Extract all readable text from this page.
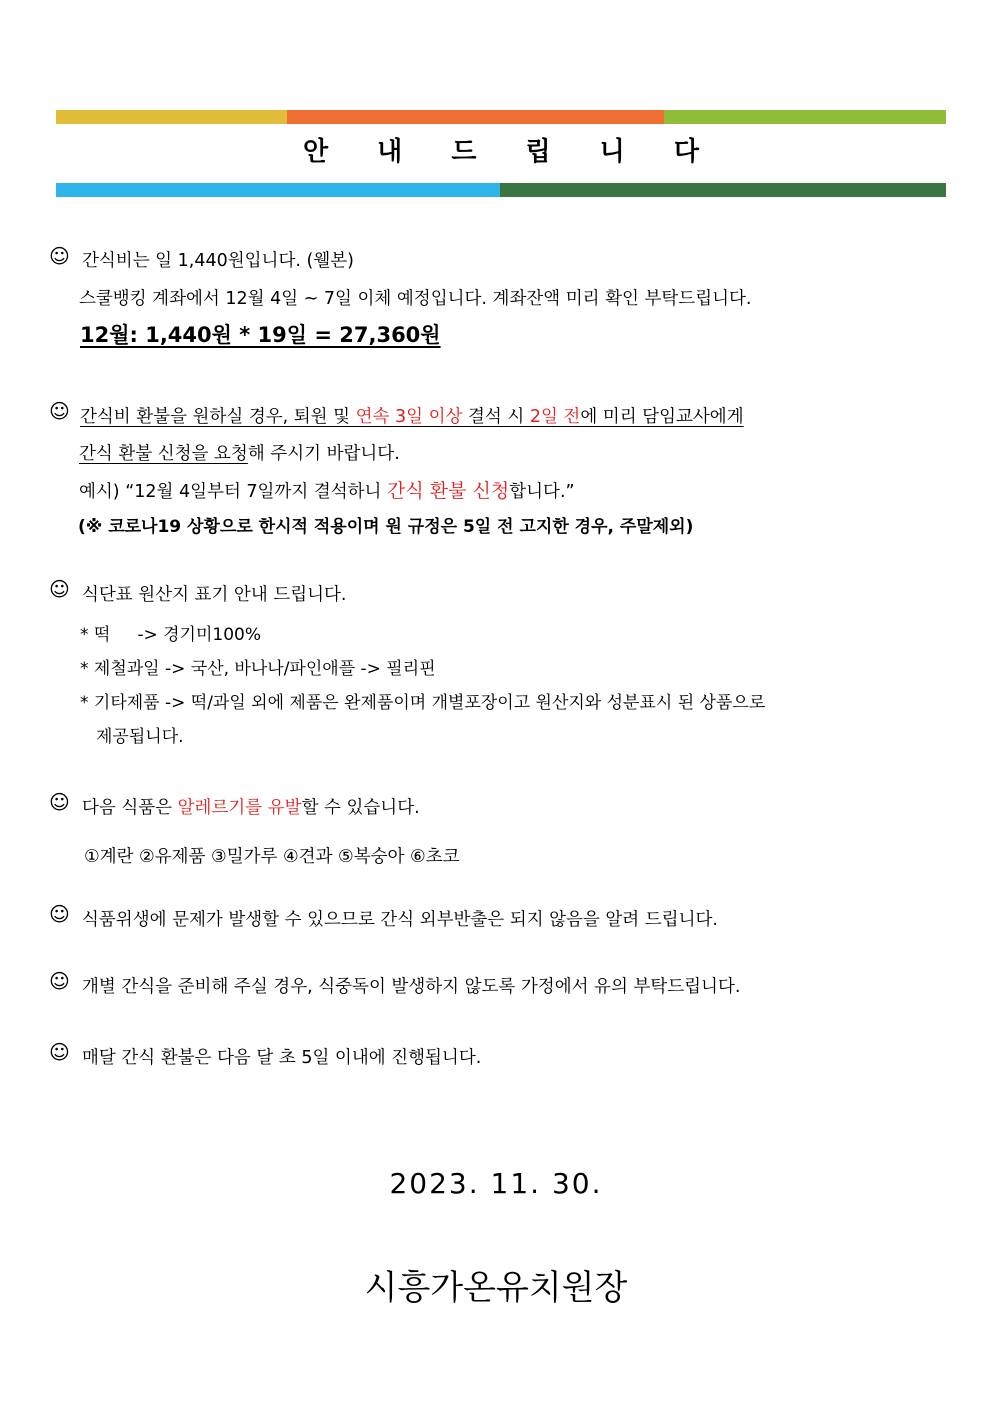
안 내 드 립 니 다
☺ 간식비는 일 1,440원입니다. (웰본)
스쿨뱅킹 계좌에서 12월 4일 ~ 7일 이체 예정입니다. 계좌잔액 미리 확인 부탁드립니다.
12월: 1,440원 * 19일 = 27,360원
☺ 간식비 환불을 원하실 경우, 퇴원 및 연속 3일 이상 결석 시 2일 전에 미리 담임교사에게
간식 환불 신청을 요청해 주시기 바랍니다.
예시) “12월 4일부터 7일까지 결석하니 간식 환불 신청합니다.”
(※ 코로나19 상황으로 한시적 적용이며 원 규정은 5일 전 고지한 경우, 주말제외)
☺ 식단표 원산지 표기 안내 드립니다.
* 떡     -> 경기미100%
* 제철과일 -> 국산, 바나나/파인애플 -> 필리핀
* 기타제품 -> 떡/과일 외에 제품은 완제품이며 개별포장이고 원산지와 성분표시 된 상품으로
제공됩니다.
☺ 다음 식품은 알레르기를 유발할 수 있습니다.
①계란 ②유제품 ③밀가루 ④견과 ⑤복숭아 ⑥초코
☺ 식품위생에 문제가 발생할 수 있으므로 간식 외부반출은 되지 않음을 알려 드립니다.
☺ 개별 간식을 준비해 주실 경우, 식중독이 발생하지 않도록 가정에서 유의 부탁드립니다.
☺ 매달 간식 환불은 다음 달 초 5일 이내에 진행됩니다.
2023. 11. 30.
시흥가온유치원장
